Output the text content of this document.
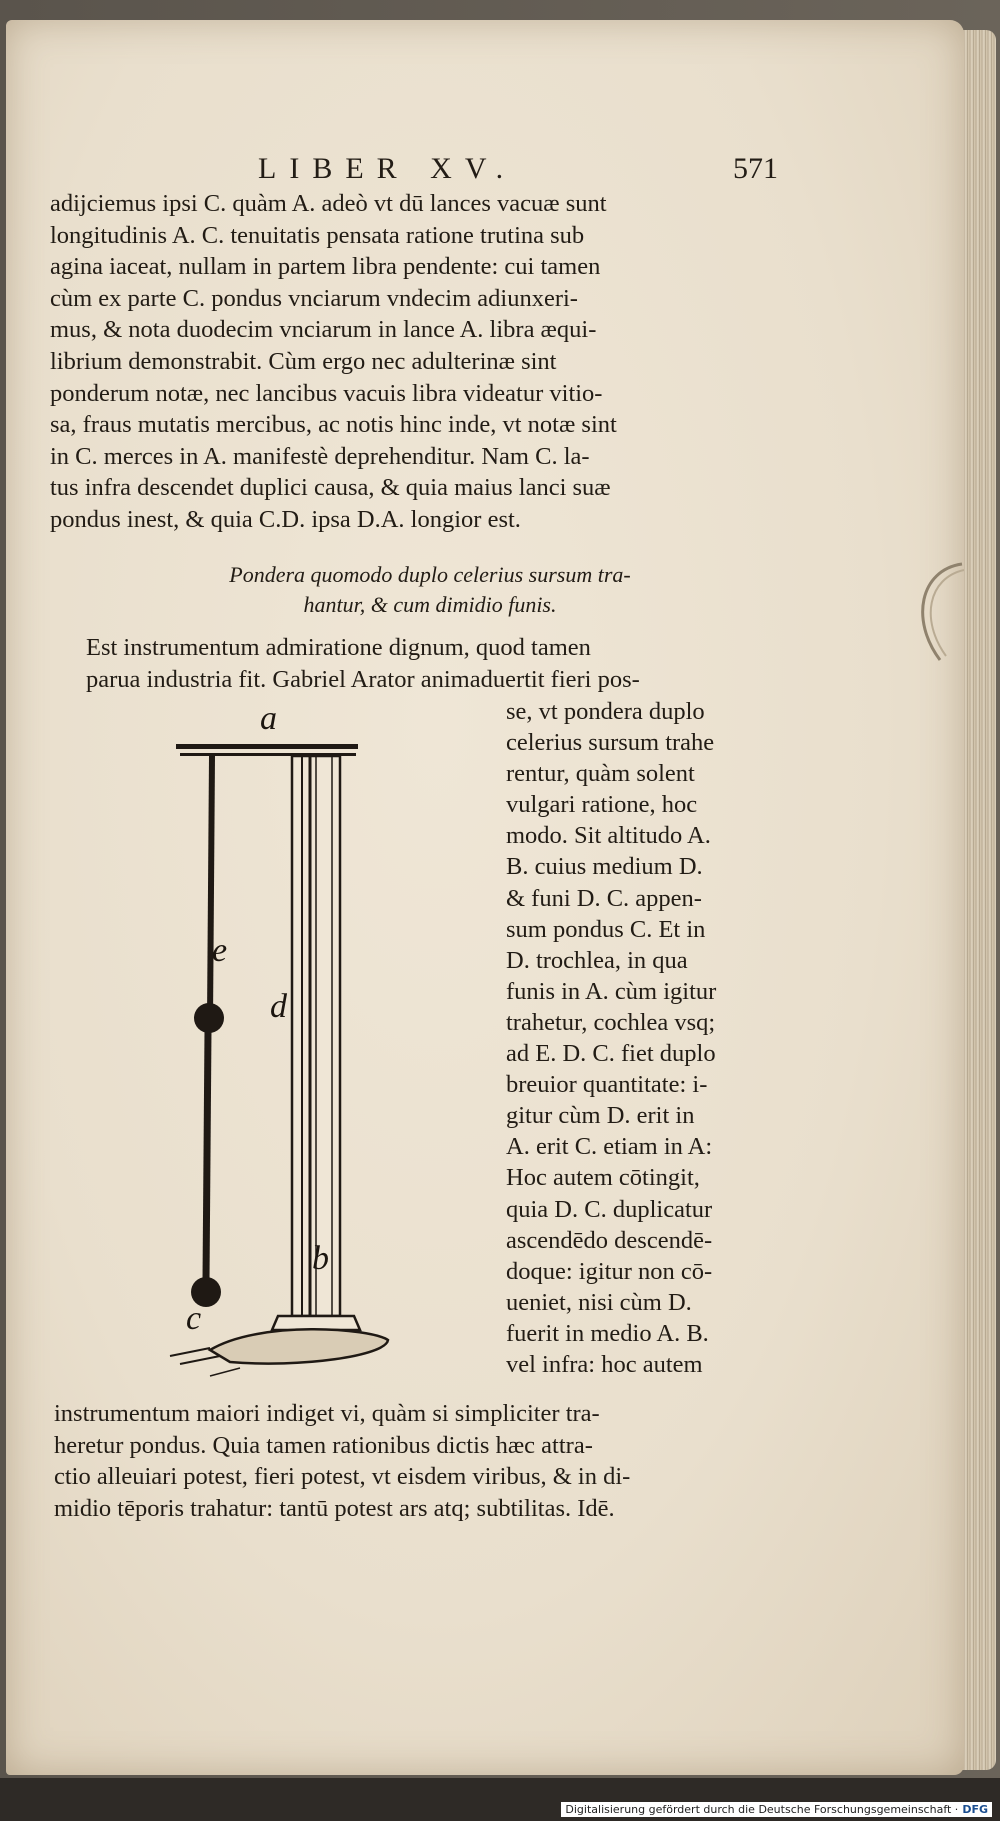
LIBER XV.	571
adijciemus ipsi C. quàm A. adeò vt dū lances vacuæ sunt
longitudinis A. C. tenuitatis pensata ratione trutina sub
agina iaceat, nullam in partem libra pendente: cui tamen
cùm ex parte C. pondus vnciarum vndecim adiunxeri-
mus, & nota duodecim vnciarum in lance A. libra æqui-
librium demonstrabit. Cùm ergo nec adulterinæ sint
ponderum notæ, nec lancibus vacuis libra videatur vitio-
sa, fraus mutatis mercibus, ac notis hinc inde, vt notæ sint
in C. merces in A. manifestè deprehenditur. Nam C. la-
tus infra descendet duplici causa, & quia maius lanci suæ
pondus inest, & quia C.D. ipsa D.A. longior est.
Pondera quomodo duplo celerius sursum tra-
hantur, & cum dimidio funis.
Est instrumentum admiratione dignum, quod tamen
parua industria fit. Gabriel Arator animaduertit fieri pos-
se, vt pondera duplo
celerius sursum trahe
rentur, quàm solent
vulgari ratione, hoc
modo. Sit altitudo A.
B. cuius medium D.
& funi D. C. appen-
sum pondus C. Et in
D. trochlea, in qua
funis in A. cùm igitur
trahetur, cochlea vsq;
ad E. D. C. fiet duplo
breuior quantitate: i-
gitur cùm D. erit in
A. erit C. etiam in A:
Hoc autem cōtingit,
quia D. C. duplicatur
ascendēdo descendē-
doque: igitur non cō-
ueniet, nisi cùm D.
fuerit in medio A. B.
vel infra: hoc autem
a
b
c
d
e
instrumentum maiori indiget vi, quàm si simpliciter tra-
heretur pondus. Quia tamen rationibus dictis hæc attra-
ctio alleuiari potest, fieri potest, vt eisdem viribus, & in di-
midio tēporis trahatur: tantū potest ars atq; subtilitas. Idē.
Digitalisierung gefördert durch die Deutsche Forschungsgemeinschaft · DFG
